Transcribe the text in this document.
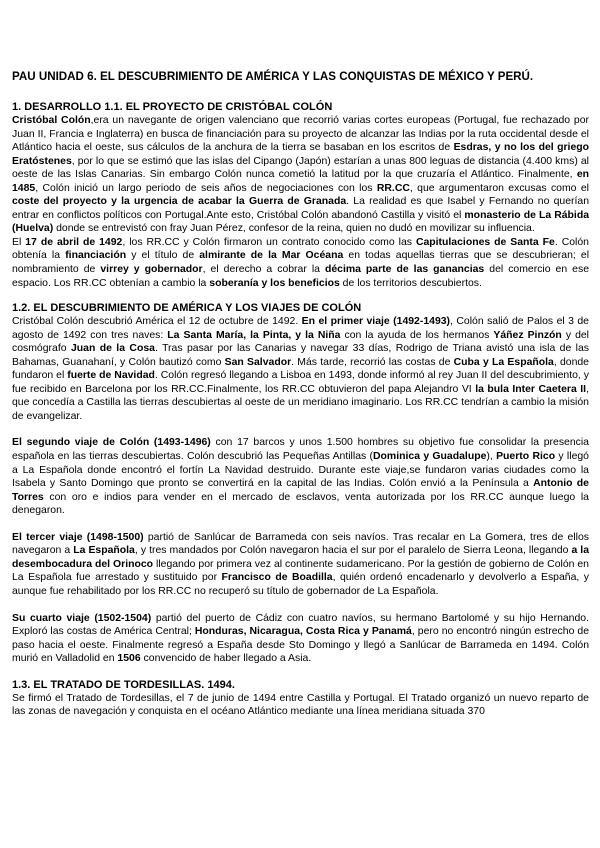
PAU UNIDAD 6. EL DESCUBRIMIENTO DE AMÉRICA Y LAS CONQUISTAS DE MÉXICO Y PERÚ.
1. DESARROLLO 1.1. EL PROYECTO DE CRISTÓBAL COLÓN

Cristóbal Colón,era un navegante de origen valenciano que recorrió varias cortes europeas (Portugal, fue rechazado por Juan II, Francia e Inglaterra) en busca de financiación para su proyecto de alcanzar las Indias por la ruta occidental desde el Atlántico hacia el oeste, sus cálculos de la anchura de la tierra se basaban en los escritos de Esdras, y no los del griego Eratóstenes, por lo que se estimó que las islas del Cipango (Japón) estarían a unas 800 leguas de distancia (4.400 kms) al oeste de las Islas Canarias. Sin embargo Colón nunca cometió la latitud por la que cruzaría el Atlántico. Finalmente, en 1485, Colón inició un largo periodo de seis años de negociaciones con los RR.CC, que argumentaron excusas como el coste del proyecto y la urgencia de acabar la Guerra de Granada. La realidad es que Isabel y Fernando no querían entrar en conflictos políticos con Portugal.Ante esto, Cristóbal Colón abandonó Castilla y visitó el monasterio de La Rábida (Huelva) donde se entrevistó con fray Juan Pérez, confesor de la reina, quien no dudó en movilizar su influencia.

El 17 de abril de 1492, los RR.CC y Colón firmaron un contrato conocido como las Capitulaciones de Santa Fe. Colón obtenía la financiación y el título de almirante de la Mar Océana en todas aquellas tierras que se descubrieran; el nombramiento de virrey y gobernador, el derecho a cobrar la décima parte de las ganancias del comercio en ese espacio. Los RR.CC obtenían a cambio la soberanía y los beneficios de los territorios descubiertos.

1.2. EL DESCUBRIMIENTO DE AMÉRICA Y LOS VIAJES DE COLÓN

Cristóbal Colón descubrió América el 12 de octubre de 1492. En el primer viaje (1492-1493), Colón salió de Palos el 3 de agosto de 1492 con tres naves: La Santa María, la Pinta, y la Niña con la ayuda de los hermanos Yáñez Pinzón y del cosmógrafo Juan de la Cosa. Tras pasar por las Canarias y navegar 33 días, Rodrigo de Triana avistó una isla de las Bahamas, Guanahaní, y Colón bautizó como San Salvador. Más tarde, recorrió las costas de Cuba y La Española, donde fundaron el fuerte de Navidad. Colón regresó llegando a Lisboa en 1493, donde informó al rey Juan II del descubrimiento, y fue recibido en Barcelona por los RR.CC.Finalmente, los RR.CC obtuvieron del papa Alejandro VI la bula Inter Caetera II, que concedía a Castilla las tierras descubiertas al oeste de un meridiano imaginario. Los RR.CC tendrían a cambio la misión de evangelizar.

El segundo viaje de Colón (1493-1496) con 17 barcos y unos 1.500 hombres su objetivo fue consolidar la presencia española en las tierras descubiertas. Colón descubrió las Pequeñas Antillas (Dominica y Guadalupe), Puerto Rico y llegó a La Española donde encontró el fortín La Navidad destruido. Durante este viaje,se fundaron varias ciudades como la Isabela y Santo Domingo que pronto se convertirá en la capital de las Indias. Colón envió a la Península a Antonio de Torres con oro e indios para vender en el mercado de esclavos, venta autorizada por los RR.CC aunque luego la denegaron.

El tercer viaje (1498-1500) partió de Sanlúcar de Barrameda con seis navíos. Tras recalar en La Gomera, tres de ellos navegaron a La Española, y tres mandados por Colón navegaron hacia el sur por el paralelo de Sierra Leona, llegando a la desembocadura del Orinoco llegando por primera vez al continente sudamericano. Por la gestión de gobierno de Colón en La Española fue arrestado y sustituido por Francisco de Boadilla, quién ordenó encadenarlo y devolverlo a España, y aunque fue rehabilitado por los RR.CC no recuperó su título de gobernador de La Española.

Su cuarto viaje (1502-1504) partió del puerto de Cádiz con cuatro navíos, su hermano Bartolomé y su hijo Hernando. Exploró las costas de América Central; Honduras, Nicaragua, Costa Rica y Panamá, pero no encontró ningún estrecho de paso hacia el oeste. Finalmente regresó a España desde Sto Domingo y llegó a Sanlúcar de Barrameda en 1494. Colón murió en Valladolid en 1506 convencido de haber llegado a Asia.

1.3. EL TRATADO DE TORDESILLAS. 1494.

Se firmó el Tratado de Tordesillas, el 7 de junio de 1494 entre Castilla y Portugal. El Tratado organizó un nuevo reparto de las zonas de navegación y conquista en el océano Atlántico mediante una línea meridiana situada 370
